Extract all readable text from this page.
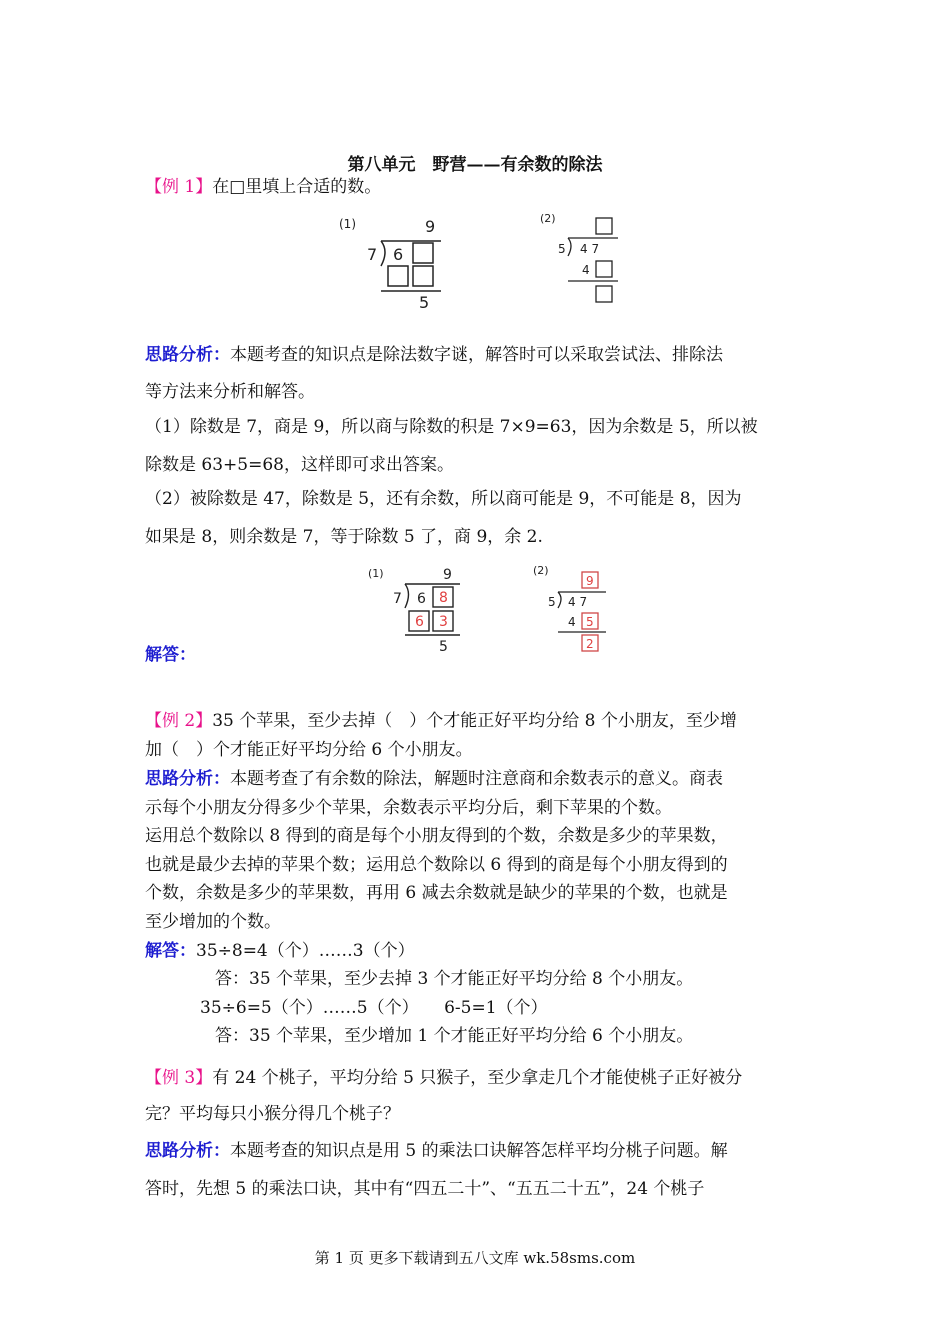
第八单元　野营——有余数的除法
【例 1】在□里填上合适的数。
(1)	9
7 6
5
(2)
5 4 7
4
思路分析：本题考查的知识点是除法数字谜，解答时可以采取尝试法、排除法
等方法来分析和解答。
（1）除数是 7，商是 9，所以商与除数的积是 7×9=63，因为余数是 5，所以被
除数是 63+5=68，这样即可求出答案。
（2）被除数是 47，除数是 5，还有余数，所以商可能是 9，不可能是 8，因为
如果是 8，则余数是 7，等于除数 5 了，商 9，余 2.
(1)	9
7 6 8
6 3
5
(2)
9
5 4 7
4 5
2
解答：
【例 2】35 个苹果，至少去掉（　）个才能正好平均分给 8 个小朋友，至少增
加（　）个才能正好平均分给 6 个小朋友。
思路分析：本题考查了有余数的除法，解题时注意商和余数表示的意义。商表
示每个小朋友分得多少个苹果，余数表示平均分后，剩下苹果的个数。
运用总个数除以 8 得到的商是每个小朋友得到的个数，余数是多少的苹果数，
也就是最少去掉的苹果个数；运用总个数除以 6 得到的商是每个小朋友得到的
个数，余数是多少的苹果数，再用 6 减去余数就是缺少的苹果的个数，也就是
至少增加的个数。
解答：35÷8=4（个）……3（个）
答：35 个苹果，至少去掉 3 个才能正好平均分给 8 个小朋友。
35÷6=5（个）……5（个）　　6-5=1（个）
答：35 个苹果，至少增加 1 个才能正好平均分给 6 个小朋友。
【例 3】有 24 个桃子，平均分给 5 只猴子，至少拿走几个才能使桃子正好被分
完？平均每只小猴分得几个桃子？
思路分析：本题考查的知识点是用 5 的乘法口诀解答怎样平均分桃子问题。解
答时，先想 5 的乘法口诀，其中有“四五二十”、“五五二十五”，24 个桃子
第 1 页 更多下载请到五八文库 wk.58sms.com
